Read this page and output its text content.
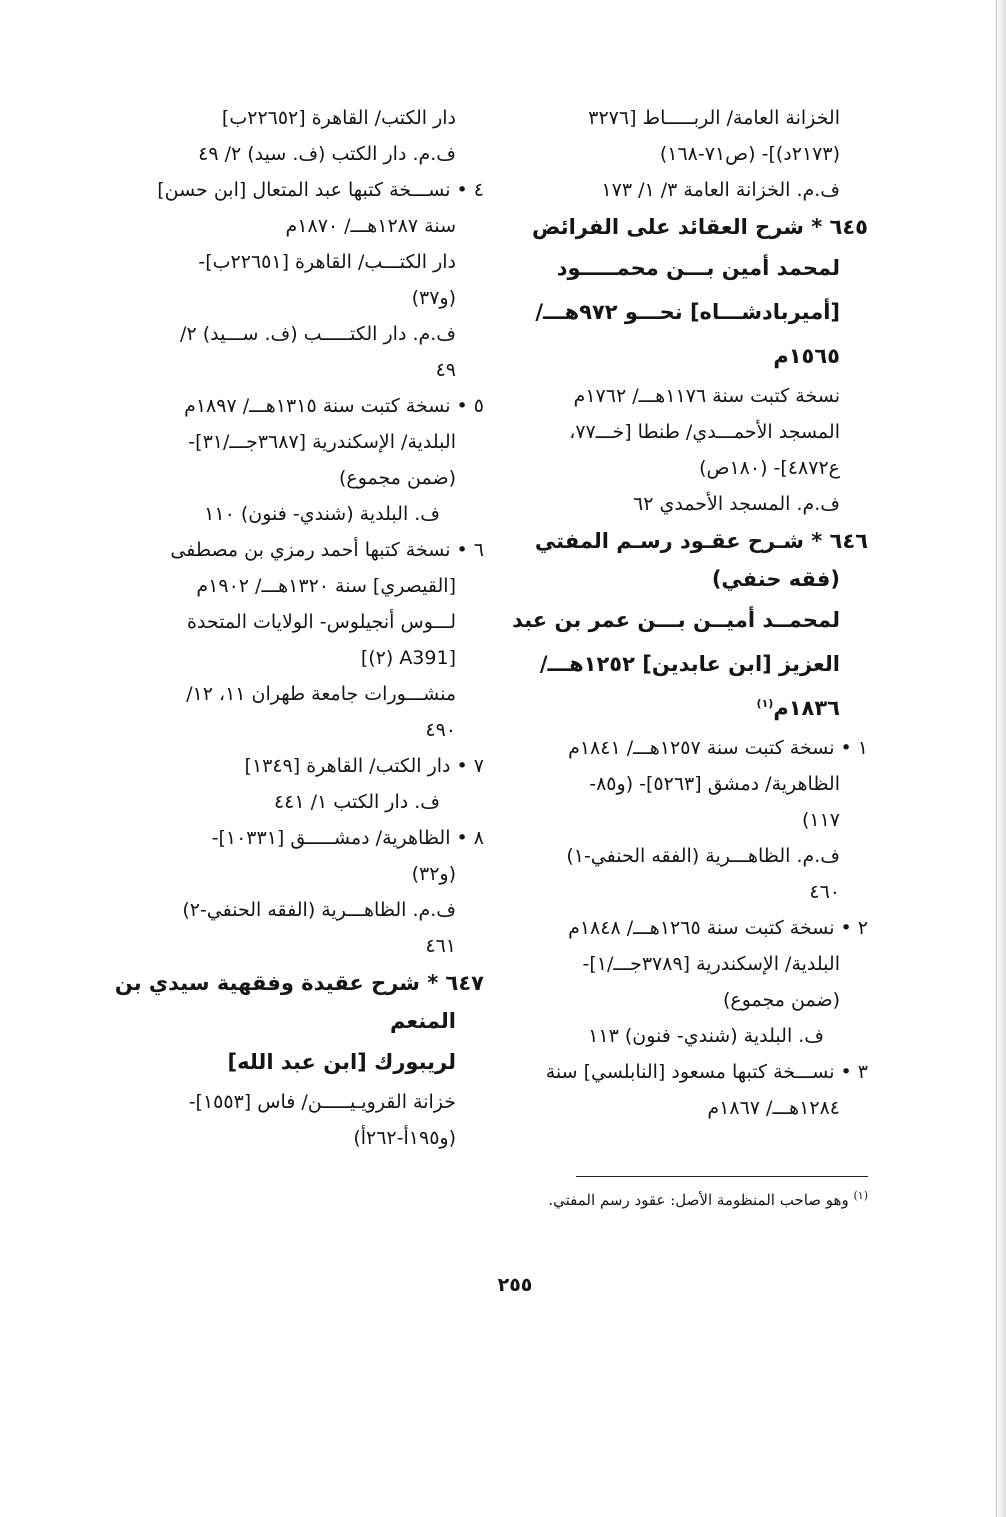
الخزانة العامة/ الربـــــاط [٣٢٧٦
(٢١٧٣د)]- (ص٧١-١٦٨)
ف.م. الخزانة العامة ٣/ ١/ ١٧٣
٦٤٥ * شرح العقائد على الفرائض
لمحمد أمين بـــن محمـــــود
[أميربادشـــاه] نحـــو ٩٧٢هـــ/
١٥٦٥م
نسخة كتبت سنة ١١٧٦هـــ/ ١٧٦٢م
المسجد الأحمـــدي/ طنطا [خـــ٧٧،
ع٤٨٧٢]- (١٨٠ص)
ف.م. المسجد الأحمدي ٦٢
٦٤٦ * شـرح عقـود رسـم المفتي
(فقه حنفي)
لمحمــد أميــن بـــن عمر بن عبد
العزيز [ابن عابدين] ١٢٥٢هـــ/
١٨٣٦م$^{(١)}$
١ • نسخة كتبت سنة ١٢٥٧هـــ/ ١٨٤١م
الظاهرية/ دمشق [٥٢٦٣]- (و٨٥-
١١٧)
ف.م. الظاهـــرية (الفقه الحنفي-١)
٤٦٠
٢ • نسخة كتبت سنة ١٢٦٥هـــ/ ١٨٤٨م
البلدية/ الإسكندرية [٣٧٨٩جـــ/١]-
(ضمن مجموع)
ف. البلدية (شندي- فنون) ١١٣
٣ • نســـخة كتبها مسعود [النابلسي] سنة
١٢٨٤هـــ/ ١٨٦٧م
دار الكتب/ القاهرة [٢٢٦٥٢ب]
ف.م. دار الكتب (ف. سيد) ٢/ ٤٩
٤ • نســـخة كتبها عبد المتعال [ابن حسن]
سنة ١٢٨٧هـــ/ ١٨٧٠م
دار الكتـــب/ القاهرة [٢٢٦٥١ب]-
(و٣٧)
ف.م. دار الكتـــــب (ف. ســـيد) ٢/
٤٩
٥ • نسخة كتبت سنة ١٣١٥هـــ/ ١٨٩٧م
البلدية/ الإسكندرية [٣٦٨٧جـــ/٣١]-
(ضمن مجموع)
ف. البلدية (شندي- فنون) ١١٠
٦ • نسخة كتبها أحمد رمزي بن مصطفى
[القيصري] سنة ١٣٢٠هـــ/ ١٩٠٢م
لـــوس أنجيلوس- الولايات المتحدة
[A391 (٢)]
منشـــورات جامعة طهران ١١، ١٢/
٤٩٠
٧ • دار الكتب/ القاهرة [١٣٤٩]
ف. دار الكتب ١/ ٤٤١
٨ • الظاهرية/ دمشـــــق [١٠٣٣١]-
(و٣٢)
ف.م. الظاهـــرية (الفقه الحنفي-٢)
٤٦١
٦٤٧ * شرح عقيدة وفقهية سيدي بن
المنعم
لريبورك [ابن عبد الله]
خزانة القرويـيـــــن/ فاس [١٥٥٣]-
(و١٩٥أ-٢٦٢أ)
$^{(١)}$ وهو صاحب المنظومة الأصل: عقود رسم المفتي.
٢٥٥
